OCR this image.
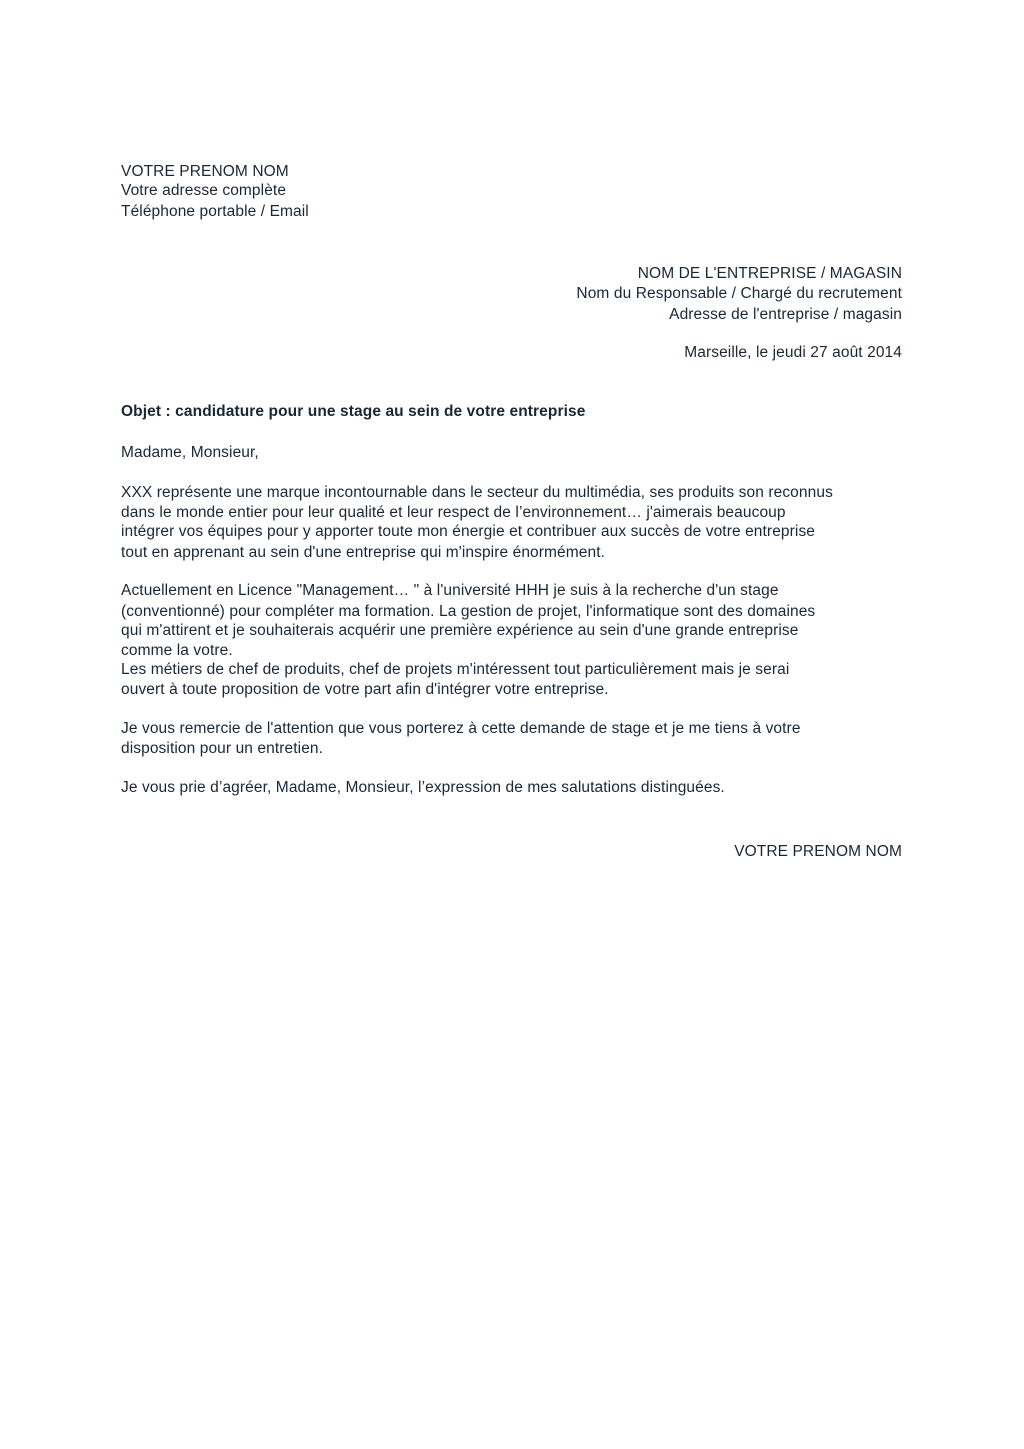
VOTRE PRENOM NOM
Votre adresse complète
Téléphone portable / Email
NOM DE L'ENTREPRISE / MAGASIN
Nom du Responsable / Chargé du recrutement
Adresse de l'entreprise / magasin
Marseille, le jeudi 27 août 2014
Objet : candidature pour une stage au sein de votre entreprise
Madame, Monsieur,
XXX représente une marque incontournable dans le secteur du multimédia, ses produits son reconnus
dans le monde entier pour leur qualité et leur respect de l’environnement… j'aimerais beaucoup
intégrer vos équipes pour y apporter toute mon énergie et contribuer aux succès de votre entreprise
tout en apprenant au sein d'une entreprise qui m'inspire énormément.
Actuellement en Licence "Management… " à l'université HHH je suis à la recherche d'un stage
(conventionné) pour compléter ma formation. La gestion de projet, l'informatique sont des domaines
qui m'attirent et je souhaiterais acquérir une première expérience au sein d'une grande entreprise
comme la votre.
Les métiers de chef de produits, chef de projets m'intéressent tout particulièrement mais je serai
ouvert à toute proposition de votre part afin d'intégrer votre entreprise.
Je vous remercie de l'attention que vous porterez à cette demande de stage et je me tiens à votre
disposition pour un entretien.
Je vous prie d’agréer, Madame, Monsieur, l’expression de mes salutations distinguées.
VOTRE PRENOM NOM
